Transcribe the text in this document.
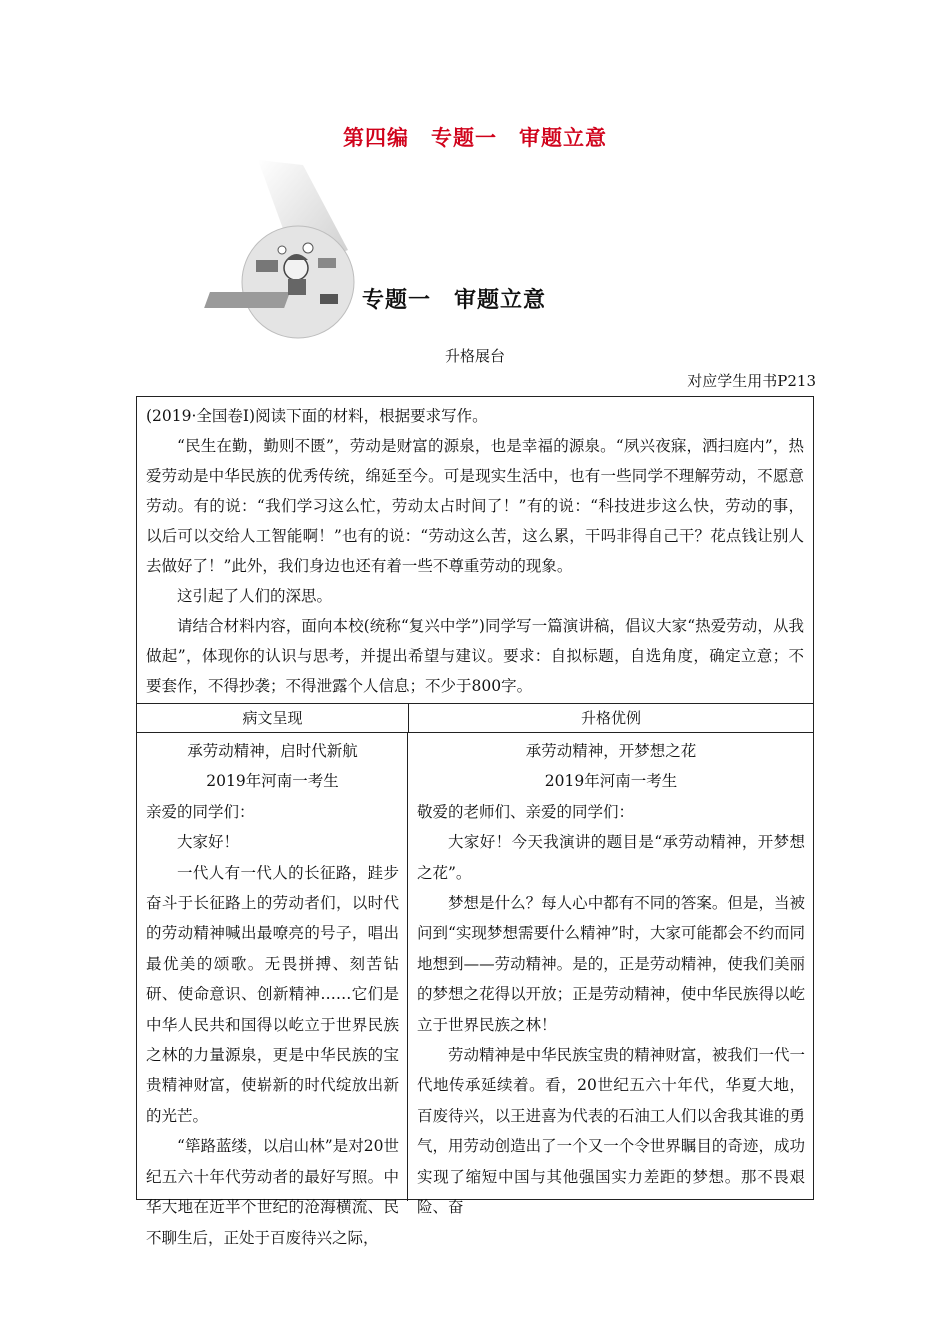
第四编　专题一　审题立意
专题一　审题立意
升格展台
对应学生用书P213

(2019·全国卷Ⅰ)阅读下面的材料，根据要求写作。

“民生在勤，勤则不匮”，劳动是财富的源泉，也是幸福的源泉。“夙兴夜寐，洒扫庭内”，热爱劳动是中华民族的优秀传统，绵延至今。可是现实生活中，也有一些同学不理解劳动，不愿意劳动。有的说：“我们学习这么忙，劳动太占时间了！”有的说：“科技进步这么快，劳动的事，以后可以交给人工智能啊！”也有的说：“劳动这么苦，这么累，干吗非得自己干？花点钱让别人去做好了！”此外，我们身边也还有着一些不尊重劳动的现象。

这引起了人们的深思。

请结合材料内容，面向本校(统称“复兴中学”)同学写一篇演讲稿，倡议大家“热爱劳动，从我做起”，体现你的认识与思考，并提出希望与建议。要求：自拟标题，自选角度，确定立意；不要套作，不得抄袭；不得泄露个人信息；不少于800字。

病文呈现	升格优例

承劳动精神，启时代新航

2019年河南一考生

亲爱的同学们：

大家好！

一代人有一代人的长征路，跬步奋斗于长征路上的劳动者们，以时代的劳动精神喊出最嘹亮的号子，唱出最优美的颂歌。无畏拼搏、刻苦钻研、使命意识、创新精神……它们是中华人民共和国得以屹立于世界民族之林的力量源泉，更是中华民族的宝贵精神财富，使崭新的时代绽放出新的光芒。

“筚路蓝缕，以启山林”是对20世纪五六十年代劳动者的最好写照。中华大地在近半个世纪的沧海横流、民不聊生后，正处于百废待兴之际，

承劳动精神，开梦想之花

2019年河南一考生

敬爱的老师们、亲爱的同学们：

大家好！今天我演讲的题目是“承劳动精神，开梦想之花”。

梦想是什么？每人心中都有不同的答案。但是，当被问到“实现梦想需要什么精神”时，大家可能都会不约而同地想到——劳动精神。是的，正是劳动精神，使我们美丽的梦想之花得以开放；正是劳动精神，使中华民族得以屹立于世界民族之林！

劳动精神是中华民族宝贵的精神财富，被我们一代一代地传承延续着。看，20世纪五六十年代，华夏大地，百废待兴，以王进喜为代表的石油工人们以舍我其谁的勇气，用劳动创造出了一个又一个令世界瞩目的奇迹，成功实现了缩短中国与其他强国实力差距的梦想。那不畏艰险、奋
